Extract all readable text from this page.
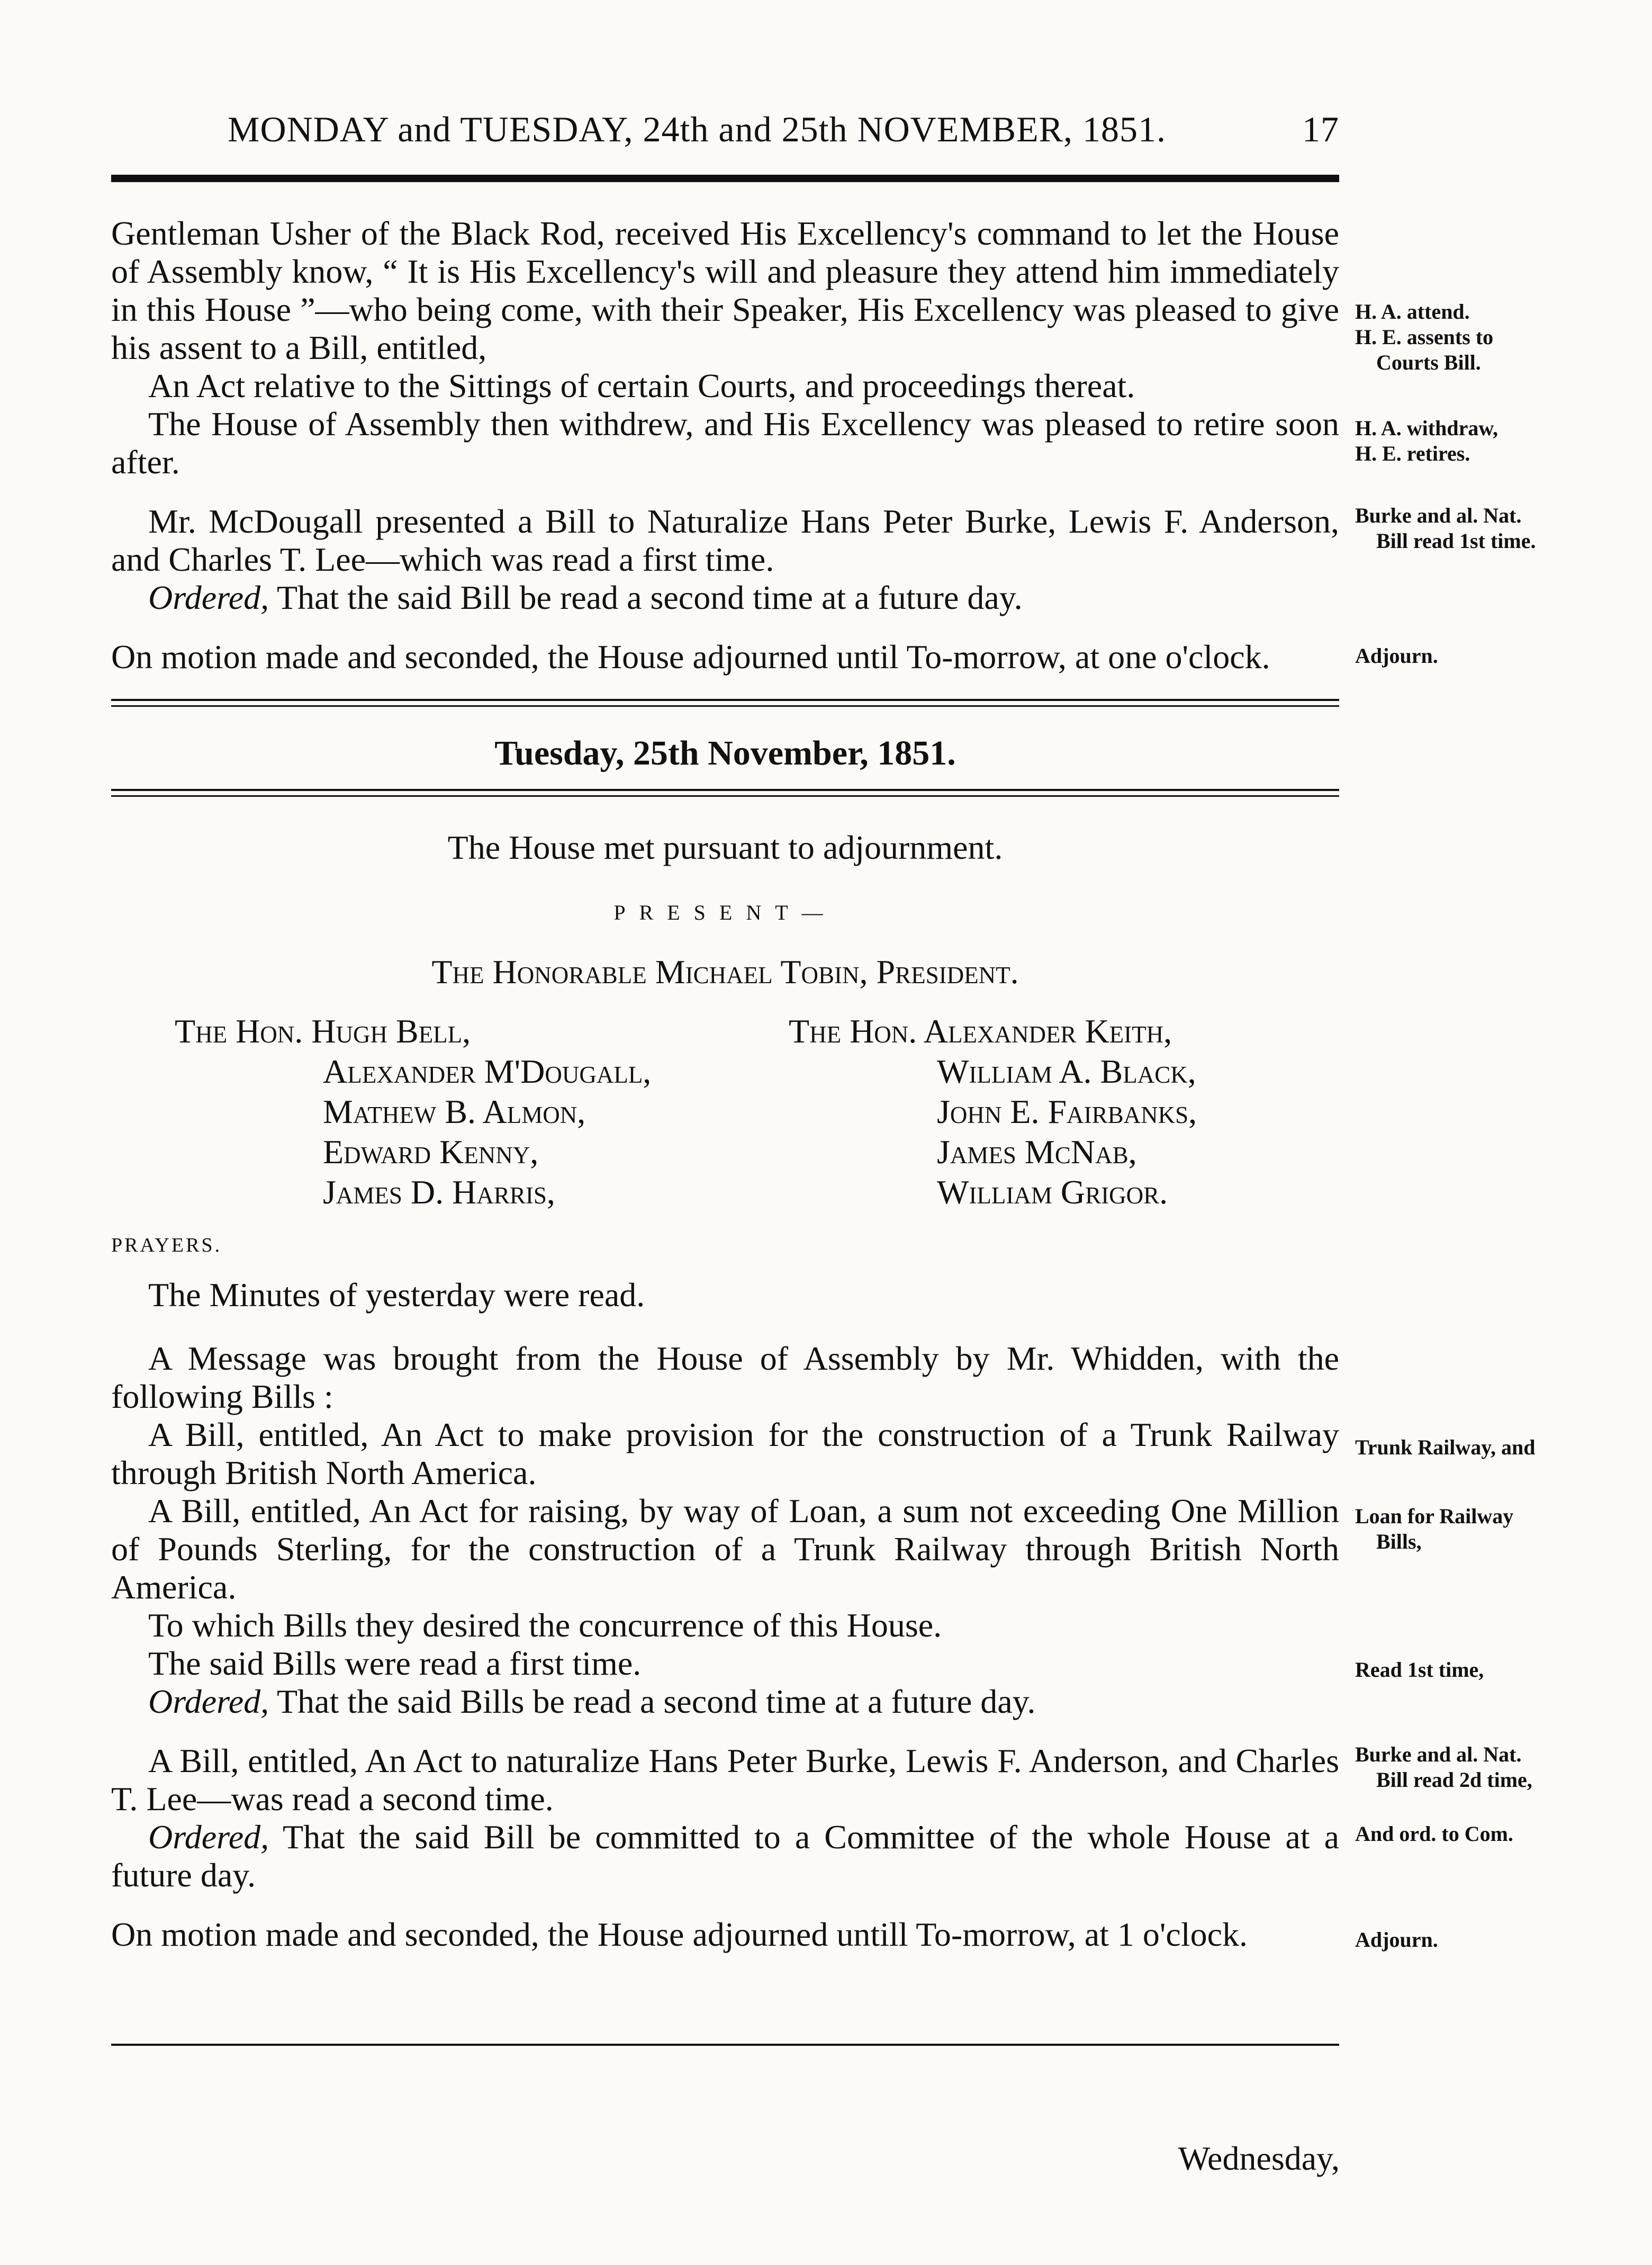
MONDAY and TUESDAY, 24th and 25th NOVEMBER, 1851.	17

Gentleman Usher of the Black Rod, received His Excellency's command to let the House of Assembly know, “ It is His Excellency's will and pleasure they attend him immediately in this House ”—who being come, with their Speaker, His Excellency was pleased to give his assent to a Bill, entitled,

An Act relative to the Sittings of certain Courts, and proceedings thereat.

The House of Assembly then withdrew, and His Excellency was pleased to retire soon after.

Mr. McDougall presented a Bill to Naturalize Hans Peter Burke, Lewis F. Anderson, and Charles T. Lee—which was read a first time.

Ordered, That the said Bill be read a second time at a future day.

On motion made and seconded, the House adjourned until To-morrow, at one o'clock.

Tuesday, 25th November, 1851.
The House met pursuant to adjournment.
PRESENT—
The Honorable Michael Tobin, President.
The Hon. Hugh Bell,
Alexander M'Dougall,
Mathew B. Almon,
Edward Kenny,
James D. Harris,
The Hon. Alexander Keith,
William A. Black,
John E. Fairbanks,
James McNab,
William Grigor.
PRAYERS.

The Minutes of yesterday were read.

A Message was brought from the House of Assembly by Mr. Whidden, with the following Bills :

A Bill, entitled, An Act to make provision for the construction of a Trunk Railway through British North America.

A Bill, entitled, An Act for raising, by way of Loan, a sum not exceeding One Million of Pounds Sterling, for the construction of a Trunk Railway through British North America.

To which Bills they desired the concurrence of this House.

The said Bills were read a first time.

Ordered, That the said Bills be read a second time at a future day.

A Bill, entitled, An Act to naturalize Hans Peter Burke, Lewis F. Anderson, and Charles T. Lee—was read a second time.

Ordered, That the said Bill be committed to a Committee of the whole House at a future day.

On motion made and seconded, the House adjourned untill To-morrow, at 1 o'clock.

H. A. attend.
H. E. assents to

Courts Bill.
H. A. withdraw,
H. E. retires.
Burke and al. Nat.

Bill read 1st time.
Adjourn.
Trunk Railway, and
Loan for Railway

Bills,
Read 1st time,
Burke and al. Nat.

Bill read 2d time,
And ord. to Com.
Adjourn.
Wednesday,
